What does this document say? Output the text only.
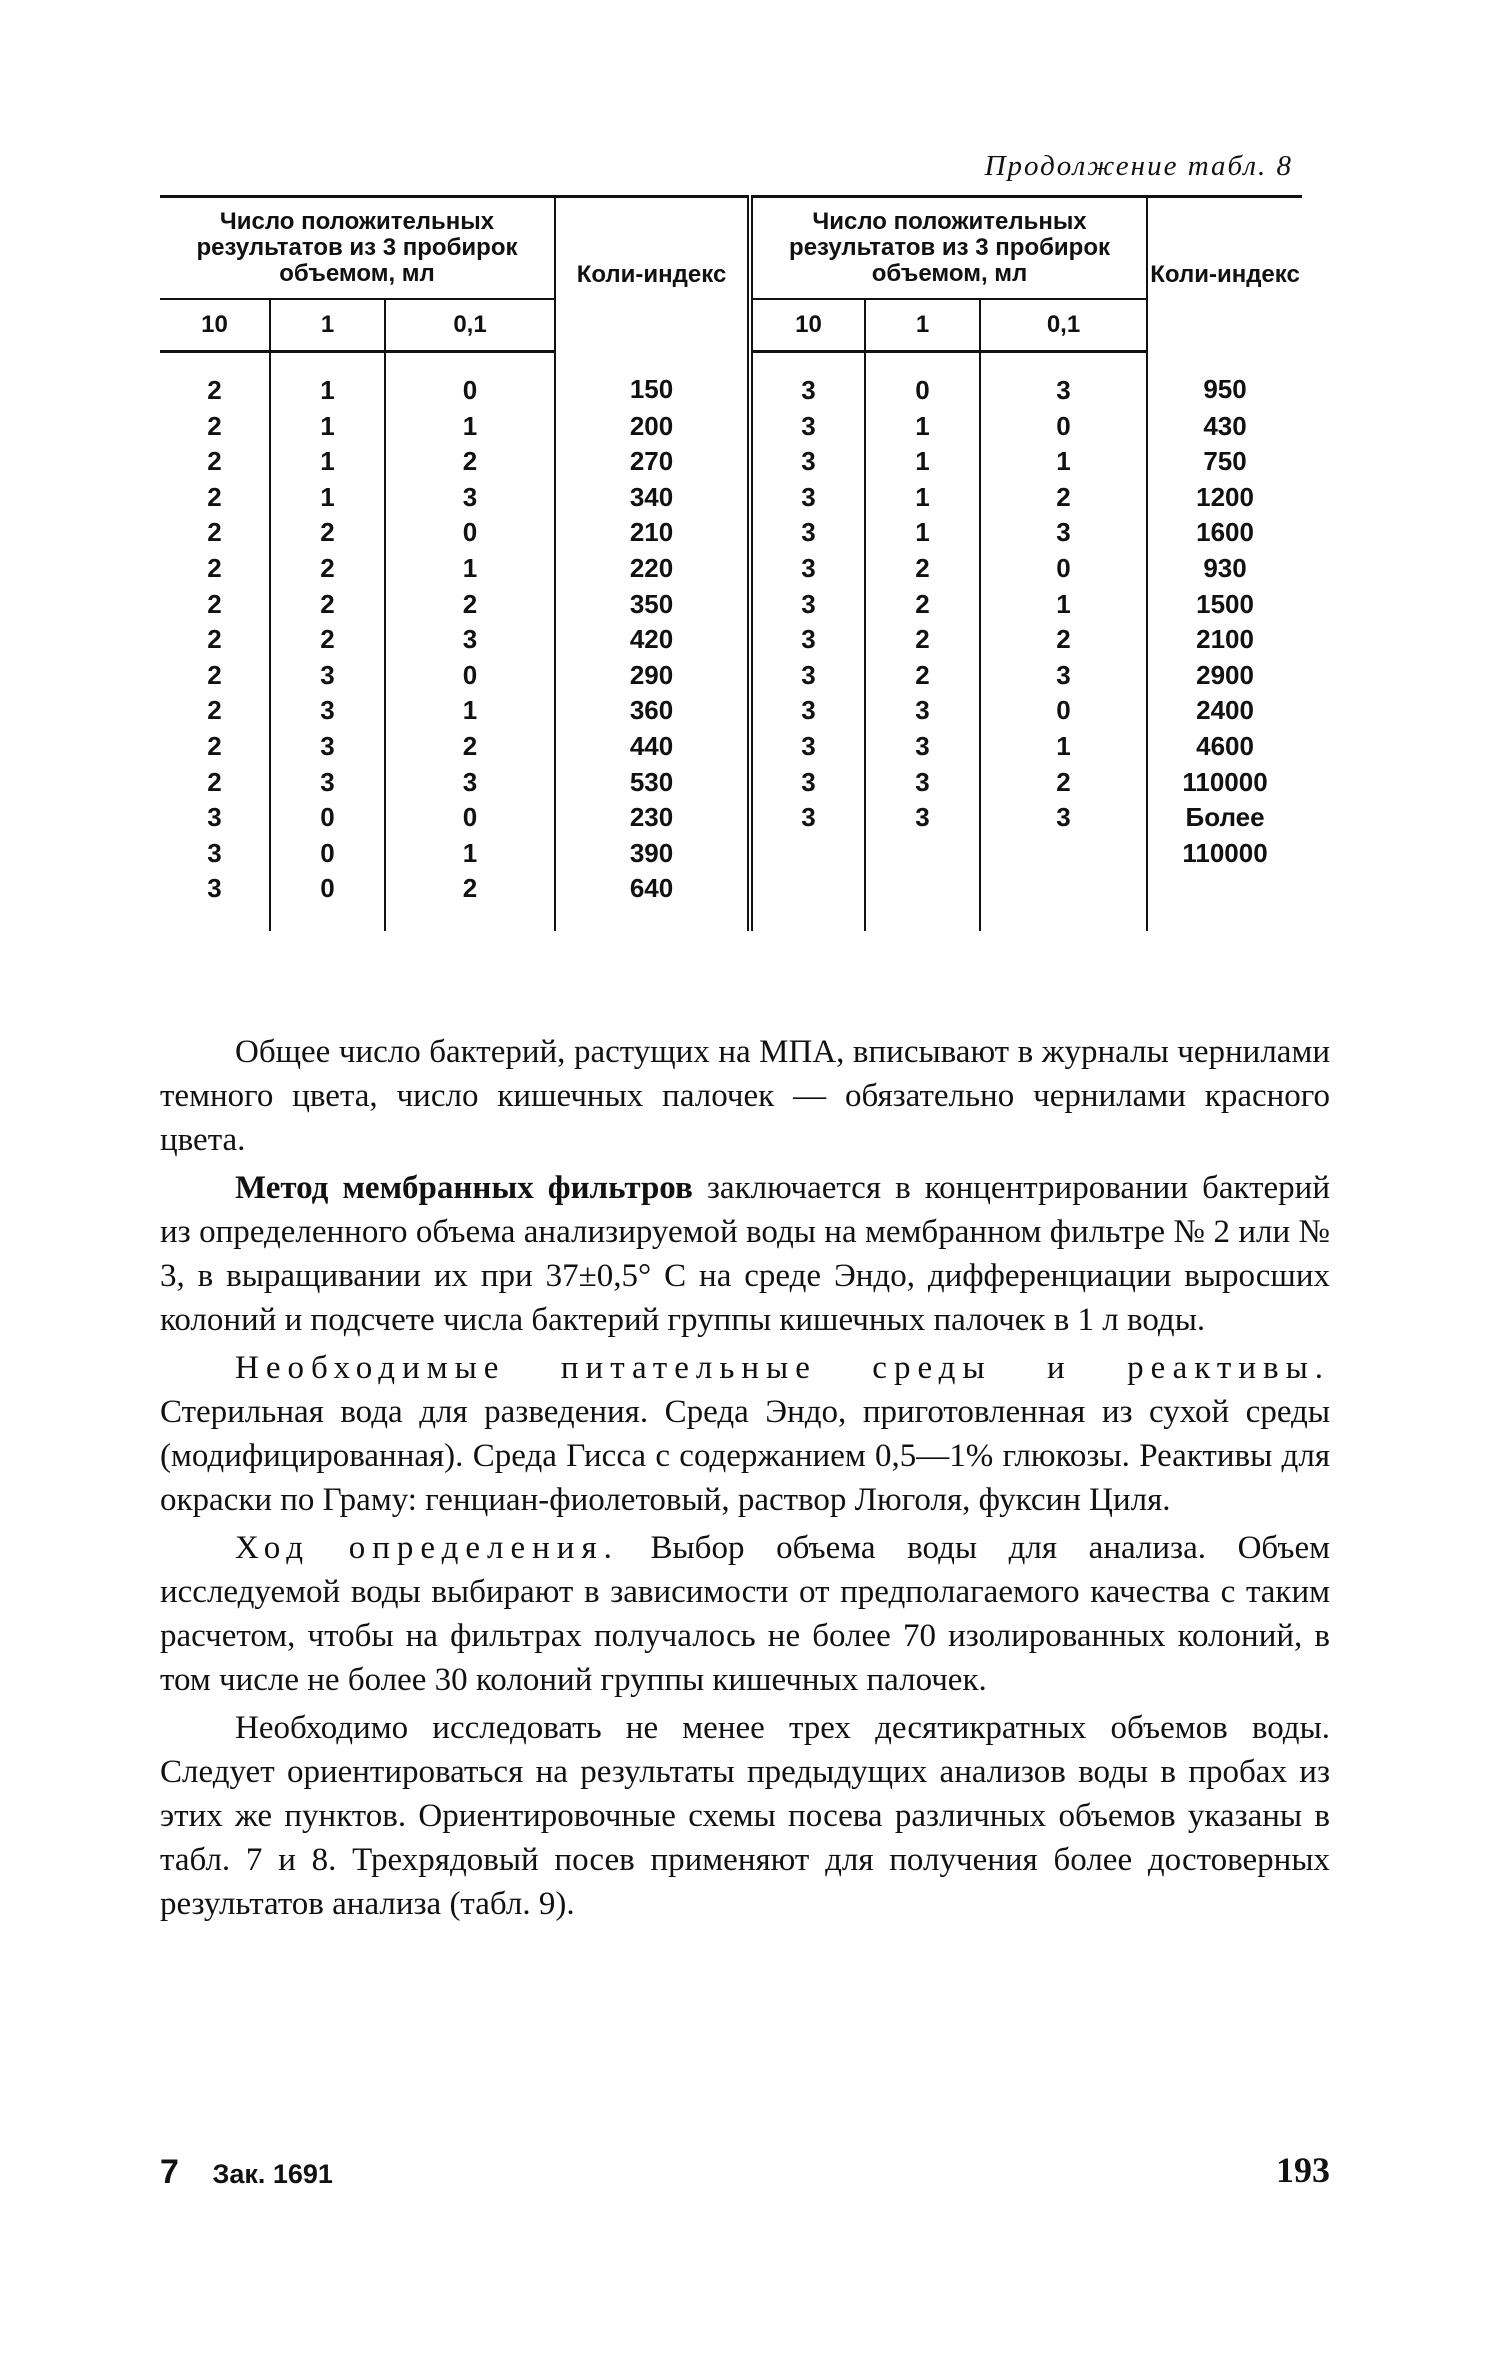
Продолжение табл. 8
Число положительных результатов из 3 пробирок объемом, мл			Коли-индекс	Число положительных результатов из 3 пробирок объемом, мл			Коли-индекс
10	1	0,1		10	1	0,1	
2	1	0	150	3	0	3	950
2	1	1	200	3	1	0	430
2	1	2	270	3	1	1	750
2	1	3	340	3	1	2	1200
2	2	0	210	3	1	3	1600
2	2	1	220	3	2	0	930
2	2	2	350	3	2	1	1500
2	2	3	420	3	2	2	2100
2	3	0	290	3	2	3	2900
2	3	1	360	3	3	0	2400
2	3	2	440	3	3	1	4600
2	3	3	530	3	3	2	110000
3	0	0	230	3	3	3	Более
3	0	1	390				110000
3	0	2	640				

Общее число бактерий, растущих на МПА, вписывают в журналы чернилами темного цвета, число кишечных палочек — обязательно чернилами красного цвета.

Метод мембранных фильтров заключается в концентрировании бактерий из определенного объема анализируемой воды на мембранном фильтре № 2 или № 3, в выращивании их при 37±0,5° С на среде Эндо, дифференциации выросших колоний и подсчете числа бактерий группы кишечных палочек в 1 л воды.

Необходимые питательные среды и реактивы. Стерильная вода для разведения. Среда Эндо, приготовленная из сухой среды (модифицированная). Среда Гисса с содержанием 0,5—1% глюкозы. Реактивы для окраски по Граму: генциан-фиолетовый, раствор Люголя, фуксин Циля.

Ход определения. Выбор объема воды для анализа. Объем исследуемой воды выбирают в зависимости от предполагаемого качества с таким расчетом, чтобы на фильтрах получалось не более 70 изолированных колоний, в том числе не более 30 колоний группы кишечных палочек.

Необходимо исследовать не менее трех десятикратных объемов воды. Следует ориентироваться на результаты предыдущих анализов воды в пробах из этих же пунктов. Ориентировочные схемы посева различных объемов указаны в табл. 7 и 8. Трехрядовый посев применяют для получения более достоверных результатов анализа (табл. 9).

7 Зак. 1691	193
